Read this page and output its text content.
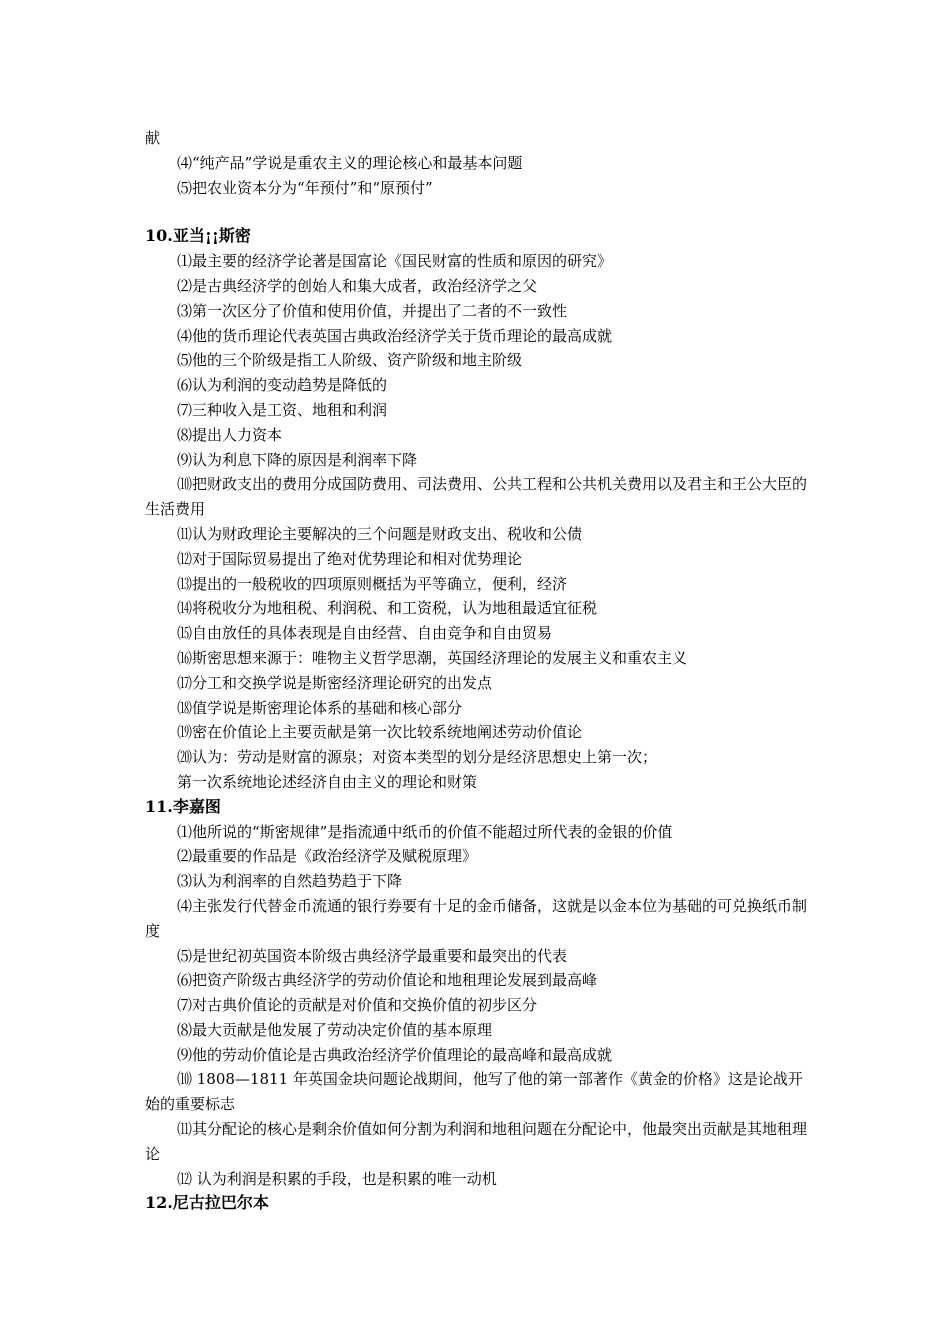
献
⑷“纯产品”学说是重农主义的理论核心和最基本问题
⑸把农业资本分为“年预付”和“原预付”
10.亚当¡¡斯密
⑴最主要的经济学论著是国富论《国民财富的性质和原因的研究》
⑵是古典经济学的创始人和集大成者，政治经济学之父
⑶第一次区分了价值和使用价值，并提出了二者的不一致性
⑷他的货币理论代表英国古典政治经济学关于货币理论的最高成就
⑸他的三个阶级是指工人阶级、资产阶级和地主阶级
⑹认为利润的变动趋势是降低的
⑺三种收入是工资、地租和利润
⑻提出人力资本
⑼认为利息下降的原因是利润率下降
⑽把财政支出的费用分成国防费用、司法费用、公共工程和公共机关费用以及君主和王公大臣的生活费用
⑾认为财政理论主要解决的三个问题是财政支出、税收和公债
⑿对于国际贸易提出了绝对优势理论和相对优势理论
⒀提出的一般税收的四项原则概括为平等确立，便利，经济
⒁将税收分为地租税、利润税、和工资税，认为地租最适宜征税
⒂自由放任的具体表现是自由经营、自由竞争和自由贸易
⒃斯密思想来源于：唯物主义哲学思潮，英国经济理论的发展主义和重农主义
⒄分工和交换学说是斯密经济理论研究的出发点
⒅值学说是斯密理论体系的基础和核心部分
⒆密在价值论上主要贡献是第一次比较系统地阐述劳动价值论
⒇认为：劳动是财富的源泉；对资本类型的划分是经济思想史上第一次；
第一次系统地论述经济自由主义的理论和财策
11.李嘉图
⑴他所说的“斯密规律”是指流通中纸币的价值不能超过所代表的金银的价值
⑵最重要的作品是《政治经济学及赋税原理》
⑶认为利润率的自然趋势趋于下降
⑷主张发行代替金币流通的银行券要有十足的金币储备，这就是以金本位为基础的可兑换纸币制度
⑸是世纪初英国资本阶级古典经济学最重要和最突出的代表
⑹把资产阶级古典经济学的劳动价值论和地租理论发展到最高峰
⑺对古典价值论的贡献是对价值和交换价值的初步区分
⑻最大贡献是他发展了劳动决定价值的基本原理
⑼他的劳动价值论是古典政治经济学价值理论的最高峰和最高成就
⑽ 1808—1811 年英国金块问题论战期间，他写了他的第一部著作《黄金的价格》这是论战开始的重要标志
⑾其分配论的核心是剩余价值如何分割为利润和地租问题在分配论中，他最突出贡献是其地租理论
⑿ 认为利润是积累的手段，也是积累的唯一动机
12.尼古拉巴尔本
